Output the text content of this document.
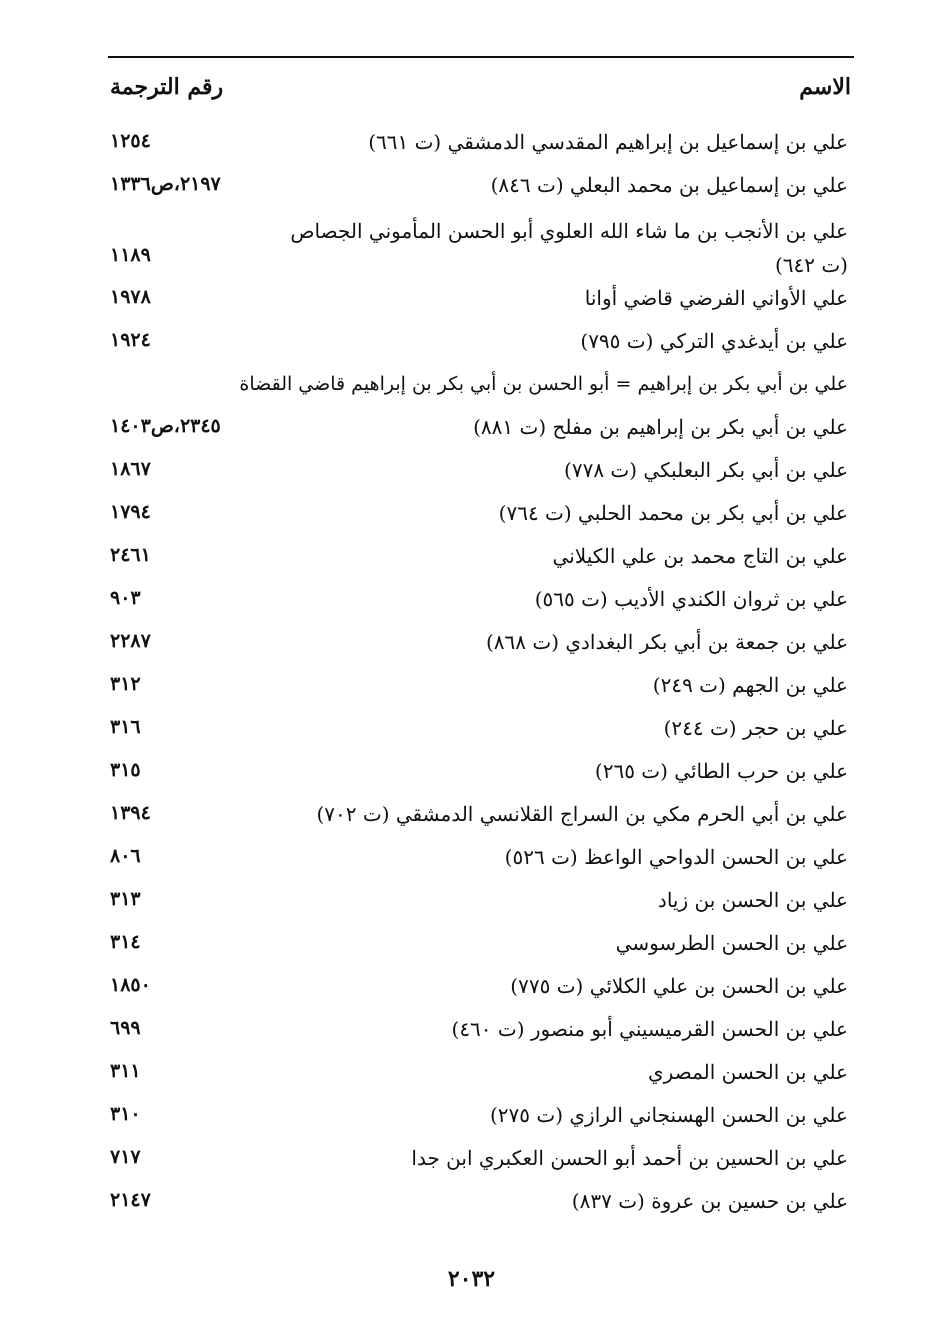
الاسم
رقم الترجمة
علي بن إسماعيل بن إبراهيم المقدسي الدمشقي (ت ٦٦١)
١٢٥٤
علي بن إسماعيل بن محمد البعلي (ت ٨٤٦)
٢١٩٧،ص١٣٣٦
علي بن الأنجب بن ما شاء الله العلوي أبو الحسن المأموني الجصاص (ت ٦٤٢)
١١٨٩
علي الأواني الفرضي قاضي أوانا
١٩٧٨
علي بن أيدغدي التركي (ت ٧٩٥)
١٩٢٤
علي بن أبي بكر بن إبراهيم = أبو الحسن بن أبي بكر بن إبراهيم قاضي القضاة
علي بن أبي بكر بن إبراهيم بن مفلح (ت ٨٨١)
٢٣٤٥،ص١٤٠٣
علي بن أبي بكر البعلبكي (ت ٧٧٨)
١٨٦٧
علي بن أبي بكر بن محمد الحلبي (ت ٧٦٤)
١٧٩٤
علي بن التاج محمد بن علي الكيلاني
٢٤٦١
علي بن ثروان الكندي الأديب (ت ٥٦٥)
٩٠٣
علي بن جمعة بن أبي بكر البغدادي (ت ٨٦٨)
٢٢٨٧
علي بن الجهم (ت ٢٤٩)
٣١٢
علي بن حجر (ت ٢٤٤)
٣١٦
علي بن حرب الطائي (ت ٢٦٥)
٣١٥
علي بن أبي الحرم مكي بن السراج القلانسي الدمشقي (ت ٧٠٢)
١٣٩٤
علي بن الحسن الدواحي الواعظ (ت ٥٢٦)
٨٠٦
علي بن الحسن بن زياد
٣١٣
علي بن الحسن الطرسوسي
٣١٤
علي بن الحسن بن علي الكلائي (ت ٧٧٥)
١٨٥٠
علي بن الحسن القرميسيني أبو منصور (ت ٤٦٠)
٦٩٩
علي بن الحسن المصري
٣١١
علي بن الحسن الهسنجاني الرازي (ت ٢٧٥)
٣١٠
علي بن الحسين بن أحمد أبو الحسن العكبري ابن جدا
٧١٧
علي بن حسين بن عروة (ت ٨٣٧)
٢١٤٧
٢٠٣٢
